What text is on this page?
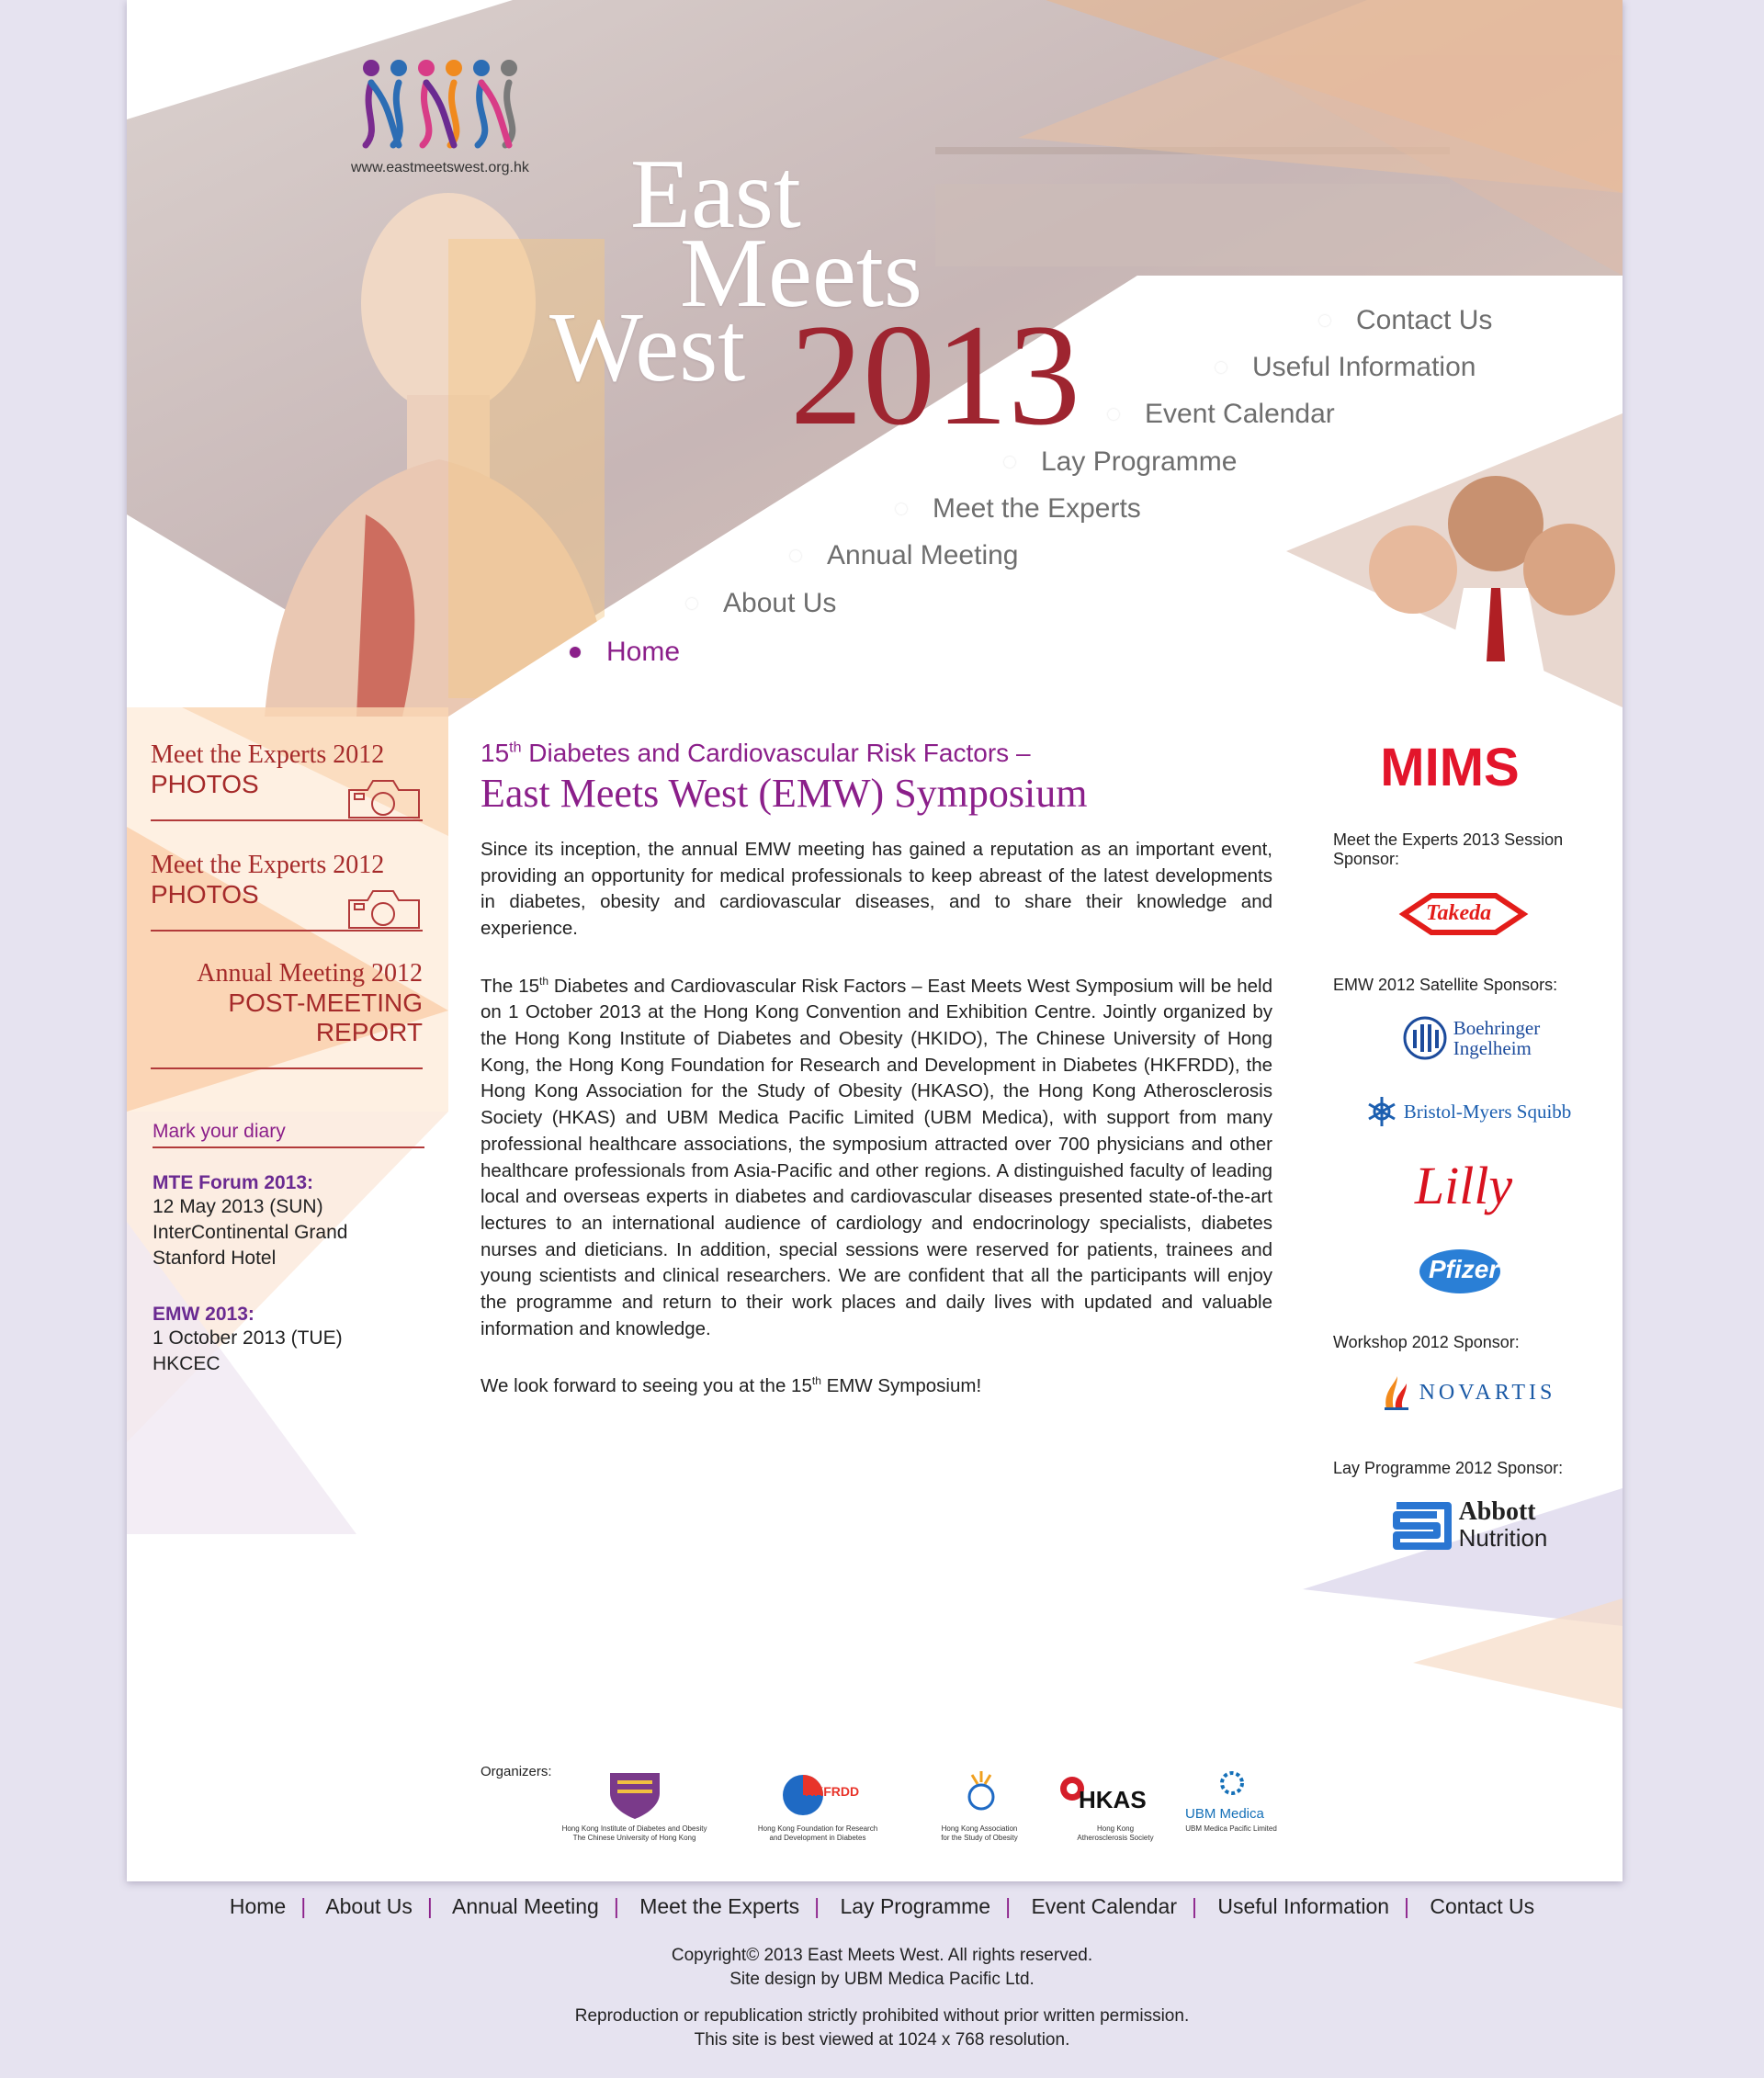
www.eastmeetswest.org.hk East
Meets
West 2013	Contact Us
Useful Information
Event Calendar
Lay Programme
Meet the Experts
Annual Meeting
About Us
Home
Meet the Experts 2012
PHOTOS
Meet the Experts 2012
PHOTOS
Annual Meeting 2012
POST-MEETING
REPORT
Mark your diary
MTE Forum 2013:
12 May 2013 (SUN)
InterContinental Grand
Stanford Hotel
EMW 2013:
1 October 2013 (TUE)
HKCEC
15th Diabetes and Cardiovascular Risk Factors –
East Meets West (EMW) Symposium

Since its inception, the annual EMW meeting has gained a reputation as an important event, providing an opportunity for medical professionals to keep abreast of the latest developments in diabetes, obesity and cardiovascular diseases, and to share their knowledge and experience.

The 15th Diabetes and Cardiovascular Risk Factors – East Meets West Symposium will be held on 1 October 2013 at the Hong Kong Convention and Exhibition Centre. Jointly organized by the Hong Kong Institute of Diabetes and Obesity (HKIDO), The Chinese University of Hong Kong, the Hong Kong Foundation for Research and Development in Diabetes (HKFRDD), the Hong Kong Association for the Study of Obesity (HKASO), the Hong Kong Atherosclerosis Society (HKAS) and UBM Medica Pacific Limited (UBM Medica), with support from many professional healthcare associations, the symposium attracted over 700 physicians and other healthcare professionals from Asia-Pacific and other regions. A distinguished faculty of leading local and overseas experts in diabetes and cardiovascular diseases presented state-of-the-art lectures to an international audience of cardiology and endocrinology specialists, diabetes nurses and dieticians. In addition, special sessions were reserved for patients, trainees and young scientists and clinical researchers. We are confident that all the participants will enjoy the programme and return to their work places and daily lives with updated and valuable information and knowledge.

We look forward to seeing you at the 15th EMW Symposium!

MIMS
Meet the Experts 2013 Session Sponsor:
Takeda
EMW 2012 Satellite Sponsors:
Boehringer
Ingelheim
Bristol-Myers Squibb
Lilly
Pfizer
Workshop 2012 Sponsor:
NOVARTIS
Lay Programme 2012 Sponsor:
Abbott
Nutrition
Organizers:
Hong Kong Institute of Diabetes and Obesity
The Chinese University of Hong Kong
HKFRDD
Hong Kong Foundation for Research
and Development in Diabetes
Hong Kong Association
for the Study of Obesity
HKAS
Hong Kong
Atherosclerosis Society
UBM Medica
UBM Medica Pacific Limited
Home | About Us | Annual Meeting | Meet the Experts | Lay Programme | Event Calendar | Useful Information | Contact Us
Copyright© 2013 East Meets West. All rights reserved.
Site design by UBM Medica Pacific Ltd.
Reproduction or republication strictly prohibited without prior written permission.
This site is best viewed at 1024 x 768 resolution.
